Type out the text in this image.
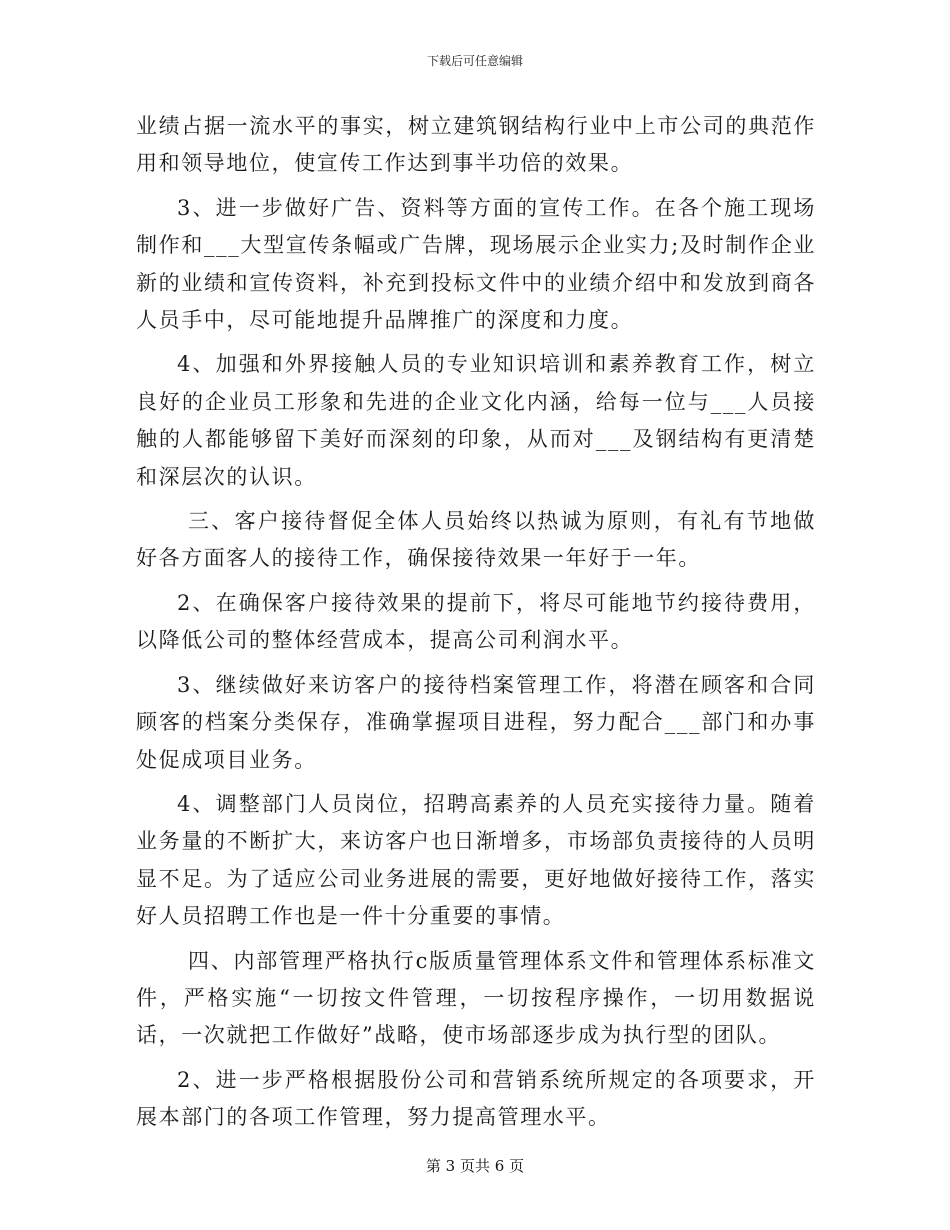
下载后可任意编辑

业绩占据一流水平的事实，树立建筑钢结构行业中上市公司的典范作用和领导地位，使宣传工作达到事半功倍的效果。

3、进一步做好广告、资料等方面的宣传工作。在各个施工现场制作和___大型宣传条幅或广告牌，现场展示企业实力;及时制作企业新的业绩和宣传资料，补充到投标文件中的业绩介绍中和发放到商各人员手中，尽可能地提升品牌推广的深度和力度。

4、加强和外界接触人员的专业知识培训和素养教育工作，树立良好的企业员工形象和先进的企业文化内涵，给每一位与___人员接触的人都能够留下美好而深刻的印象，从而对___及钢结构有更清楚和深层次的认识。

三、客户接待督促全体人员始终以热诚为原则，有礼有节地做好各方面客人的接待工作，确保接待效果一年好于一年。

2、在确保客户接待效果的提前下，将尽可能地节约接待费用，以降低公司的整体经营成本，提高公司利润水平。

3、继续做好来访客户的接待档案管理工作，将潜在顾客和合同顾客的档案分类保存，准确掌握项目进程，努力配合___部门和办事处促成项目业务。

4、调整部门人员岗位，招聘高素养的人员充实接待力量。随着业务量的不断扩大，来访客户也日渐增多，市场部负责接待的人员明显不足。为了适应公司业务进展的需要，更好地做好接待工作，落实好人员招聘工作也是一件十分重要的事情。

四、内部管理严格执行c版质量管理体系文件和管理体系标准文件，严格实施“一切按文件管理，一切按程序操作，一切用数据说话，一次就把工作做好”战略，使市场部逐步成为执行型的团队。

2、进一步严格根据股份公司和营销系统所规定的各项要求，开展本部门的各项工作管理，努力提高管理水平。

第 3 页共 6 页
